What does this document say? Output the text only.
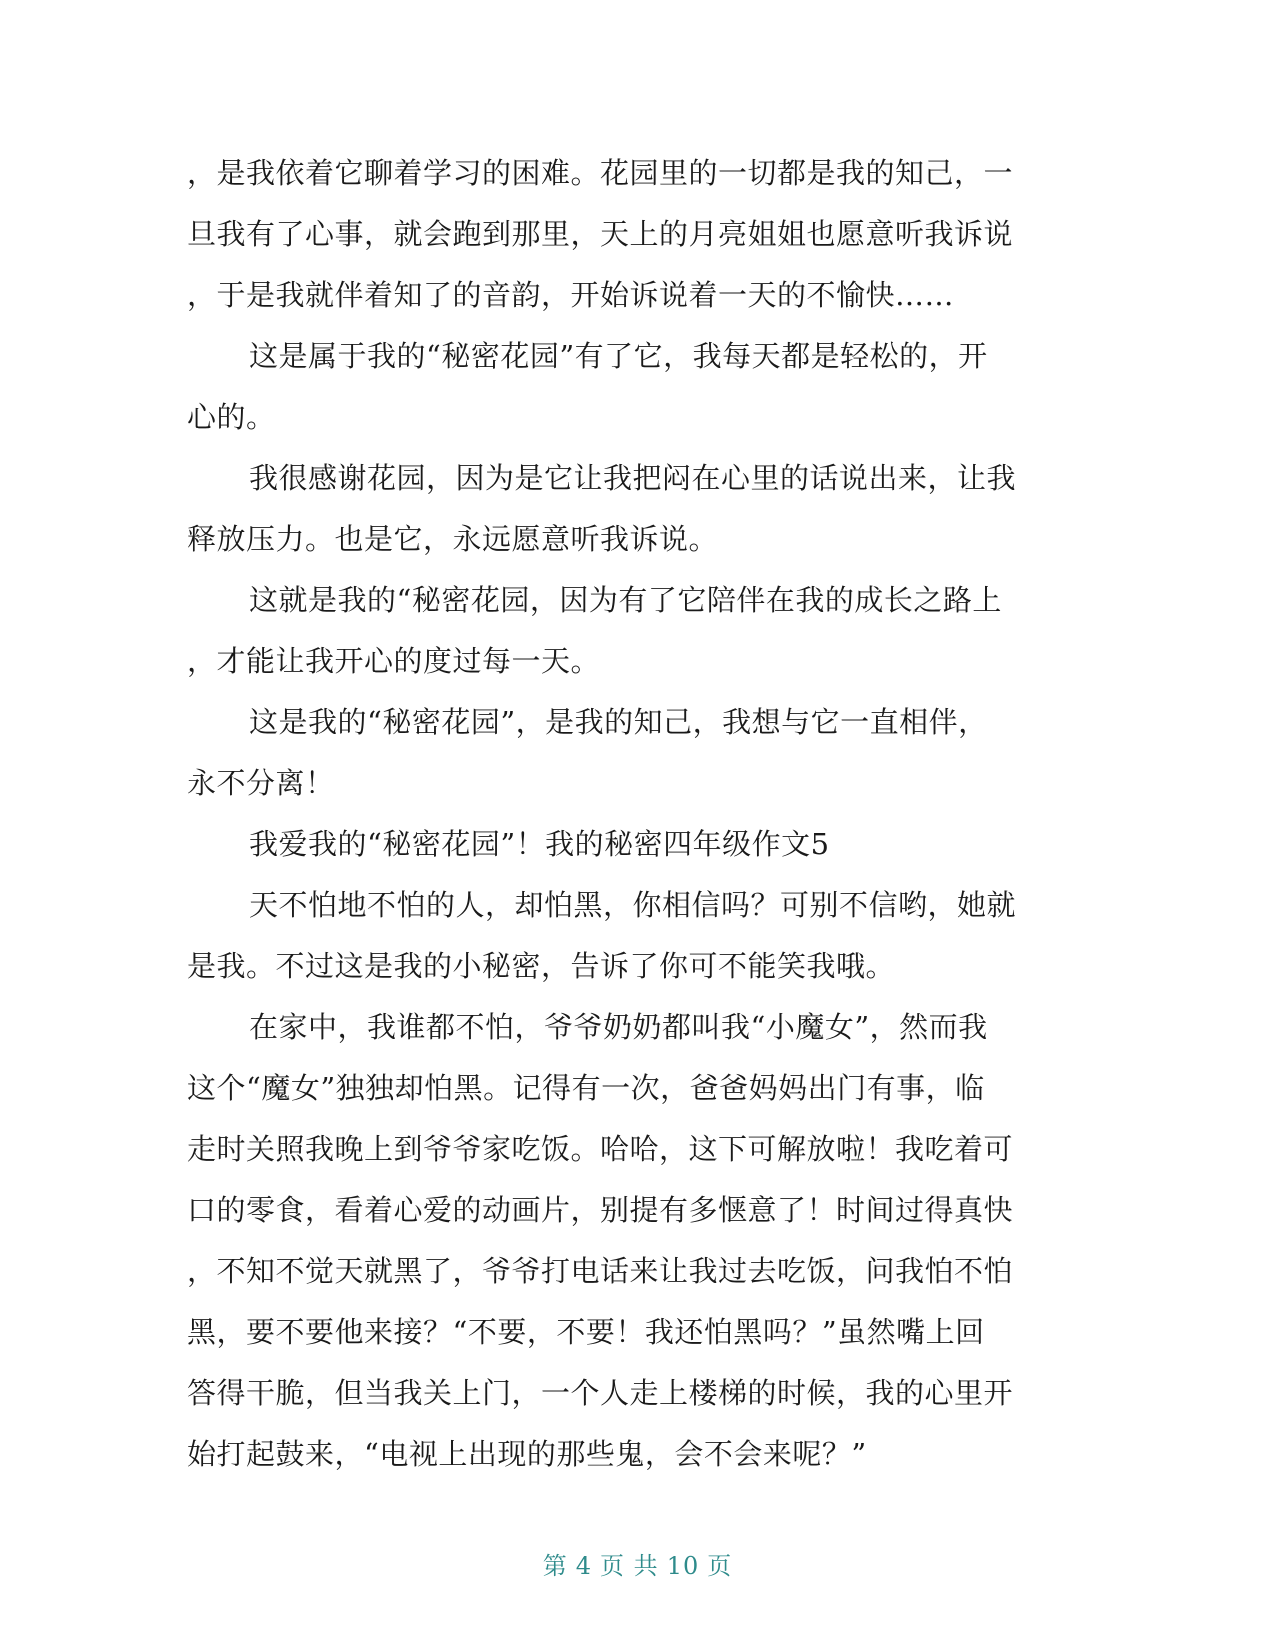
，是我依着它聊着学习的困难。花园里的一切都是我的知己，一
旦我有了心事，就会跑到那里，天上的月亮姐姐也愿意听我诉说
，于是我就伴着知了的音韵，开始诉说着一天的不愉快……
这是属于我的“秘密花园”有了它，我每天都是轻松的，开
心的。
我很感谢花园，因为是它让我把闷在心里的话说出来，让我
释放压力。也是它，永远愿意听我诉说。
这就是我的“秘密花园，因为有了它陪伴在我的成长之路上
，才能让我开心的度过每一天。
这是我的“秘密花园”，是我的知己，我想与它一直相伴，
永不分离！
我爱我的“秘密花园”！我的秘密四年级作文5
天不怕地不怕的人，却怕黑，你相信吗？可别不信哟，她就
是我。不过这是我的小秘密，告诉了你可不能笑我哦。
在家中，我谁都不怕，爷爷奶奶都叫我“小魔女”，然而我
这个“魔女”独独却怕黑。记得有一次，爸爸妈妈出门有事，临
走时关照我晚上到爷爷家吃饭。哈哈，这下可解放啦！我吃着可
口的零食，看着心爱的动画片，别提有多惬意了！时间过得真快
，不知不觉天就黑了，爷爷打电话来让我过去吃饭，问我怕不怕
黑，要不要他来接？“不要，不要！我还怕黑吗？”虽然嘴上回
答得干脆，但当我关上门，一个人走上楼梯的时候，我的心里开
始打起鼓来，“电视上出现的那些鬼，会不会来呢？”
第 4 页 共 10 页
